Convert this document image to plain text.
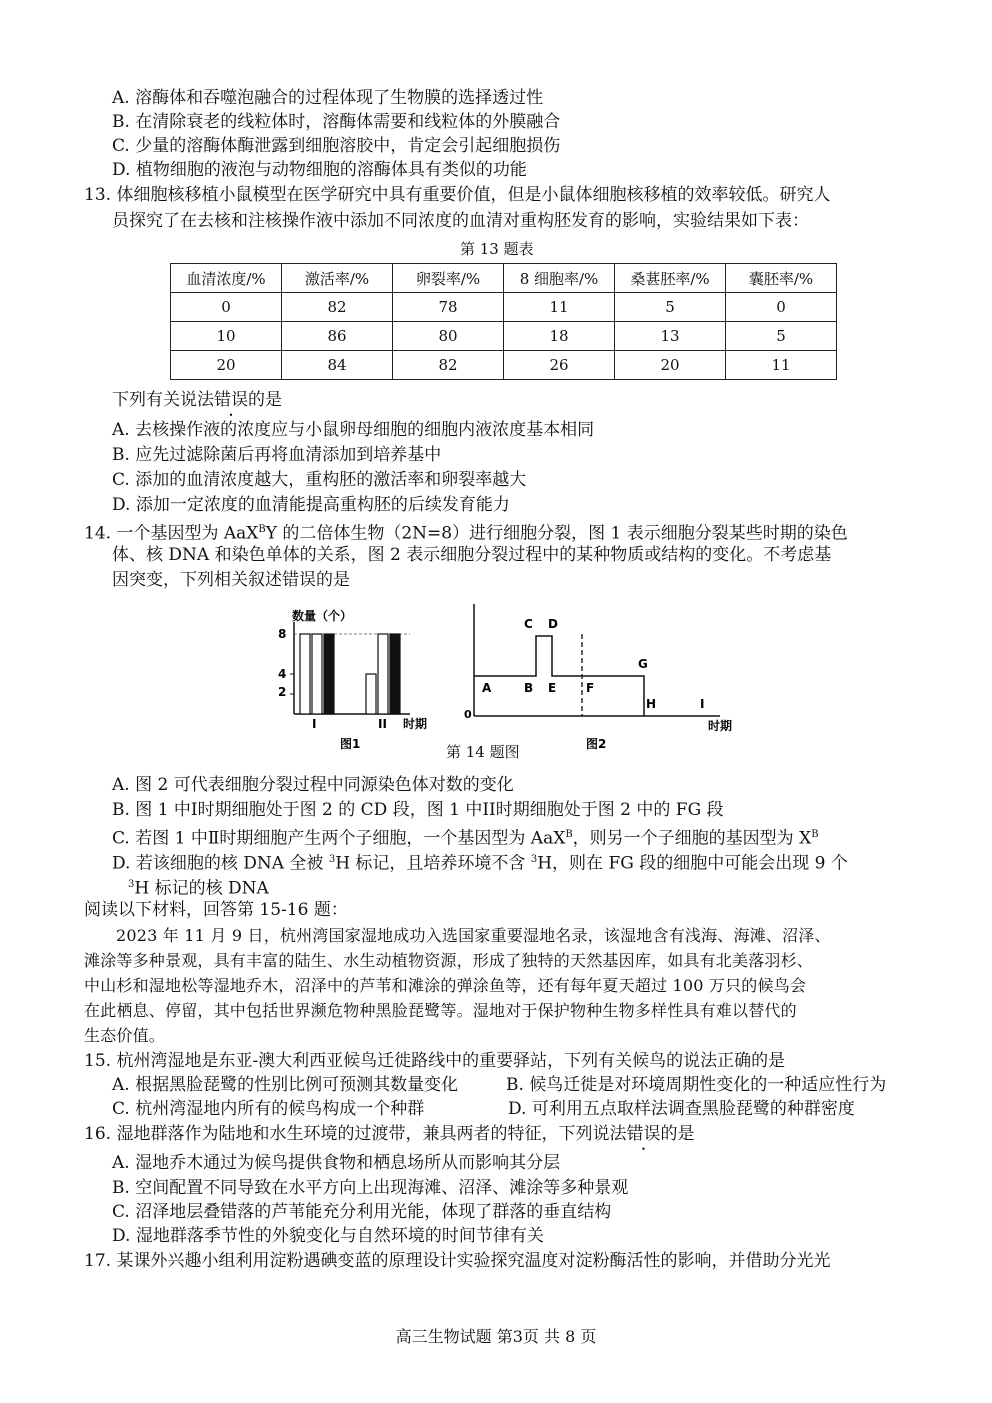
A. 溶酶体和吞噬泡融合的过程体现了生物膜的选择透过性
B. 在清除衰老的线粒体时，溶酶体需要和线粒体的外膜融合
C. 少量的溶酶体酶泄露到细胞溶胶中，肯定会引起细胞损伤
D. 植物细胞的液泡与动物细胞的溶酶体具有类似的功能
13. 体细胞核移植小鼠模型在医学研究中具有重要价值，但是小鼠体细胞核移植的效率较低。研究人
员探究了在去核和注核操作液中添加不同浓度的血清对重构胚发育的影响，实验结果如下表：
第 13 题表
血清浓度/%	激活率/%	卵裂率/%	8 细胞率/%	桑葚胚率/%	囊胚率/%
0	82	78	11	5	0
10	86	80	18	13	5
20	84	82	26	20	11
下列有关说法错误的是
A. 去核操作液的浓度应与小鼠卵母细胞的细胞内液浓度基本相同
B. 应先过滤除菌后再将血清添加到培养基中
C. 添加的血清浓度越大，重构胚的激活率和卵裂率越大
D. 添加一定浓度的血清能提高重构胚的后续发育能力
14. 一个基因型为 AaX$^B$Y 的二倍体生物（2N=8）进行细胞分裂，图 1 表示细胞分裂某些时期的染色
体、核 DNA 和染色单体的关系，图 2 表示细胞分裂过程中的某种物质或结构的变化。不考虑基
因突变，下列相关叙述错误的是
数量（个）
8
4
2
I	II 时期
图1
0
A	B
C D
E F
G
H	I
时期
图2
第 14 题图
A. 图 2 可代表细胞分裂过程中同源染色体对数的变化
B. 图 1 中I时期细胞处于图 2 的 CD 段，图 1 中II时期细胞处于图 2 中的 FG 段
C. 若图 1 中Ⅱ时期细胞产生两个子细胞，一个基因型为 AaX$^B$，则另一个子细胞的基因型为 $X^B$
D. 若该细胞的核 DNA 全被 $^3$H 标记，且培养环境不含 $^3$H，则在 FG 段的细胞中可能会出现 9 个
$^3$H 标记的核 DNA
阅读以下材料，回答第 15-16 题：
2023 年 11 月 9 日，杭州湾国家湿地成功入选国家重要湿地名录，该湿地含有浅海、海滩、沼泽、
滩涂等多种景观，具有丰富的陆生、水生动植物资源，形成了独特的天然基因库，如具有北美落羽杉、
中山杉和湿地松等湿地乔木，沼泽中的芦苇和滩涂的弹涂鱼等，还有每年夏天超过 100 万只的候鸟会
在此栖息、停留，其中包括世界濒危物种黑脸琵鹭等。湿地对于保护物种生物多样性具有难以替代的
生态价值。
15. 杭州湾湿地是东亚-澳大利西亚候鸟迁徙路线中的重要驿站，下列有关候鸟的说法正确的是
A. 根据黑脸琵鹭的性别比例可预测其数量变化	B. 候鸟迁徙是对环境周期性变化的一种适应性行为
C. 杭州湾湿地内所有的候鸟构成一个种群	D. 可利用五点取样法调查黑脸琵鹭的种群密度
16. 湿地群落作为陆地和水生环境的过渡带，兼具两者的特征，下列说法错误的是
A. 湿地乔木通过为候鸟提供食物和栖息场所从而影响其分层
B. 空间配置不同导致在水平方向上出现海滩、沼泽、滩涂等多种景观
C. 沼泽地层叠错落的芦苇能充分利用光能，体现了群落的垂直结构
D. 湿地群落季节性的外貌变化与自然环境的时间节律有关
17. 某课外兴趣小组利用淀粉遇碘变蓝的原理设计实验探究温度对淀粉酶活性的影响，并借助分光光
高三生物试题 第3页 共 8 页
